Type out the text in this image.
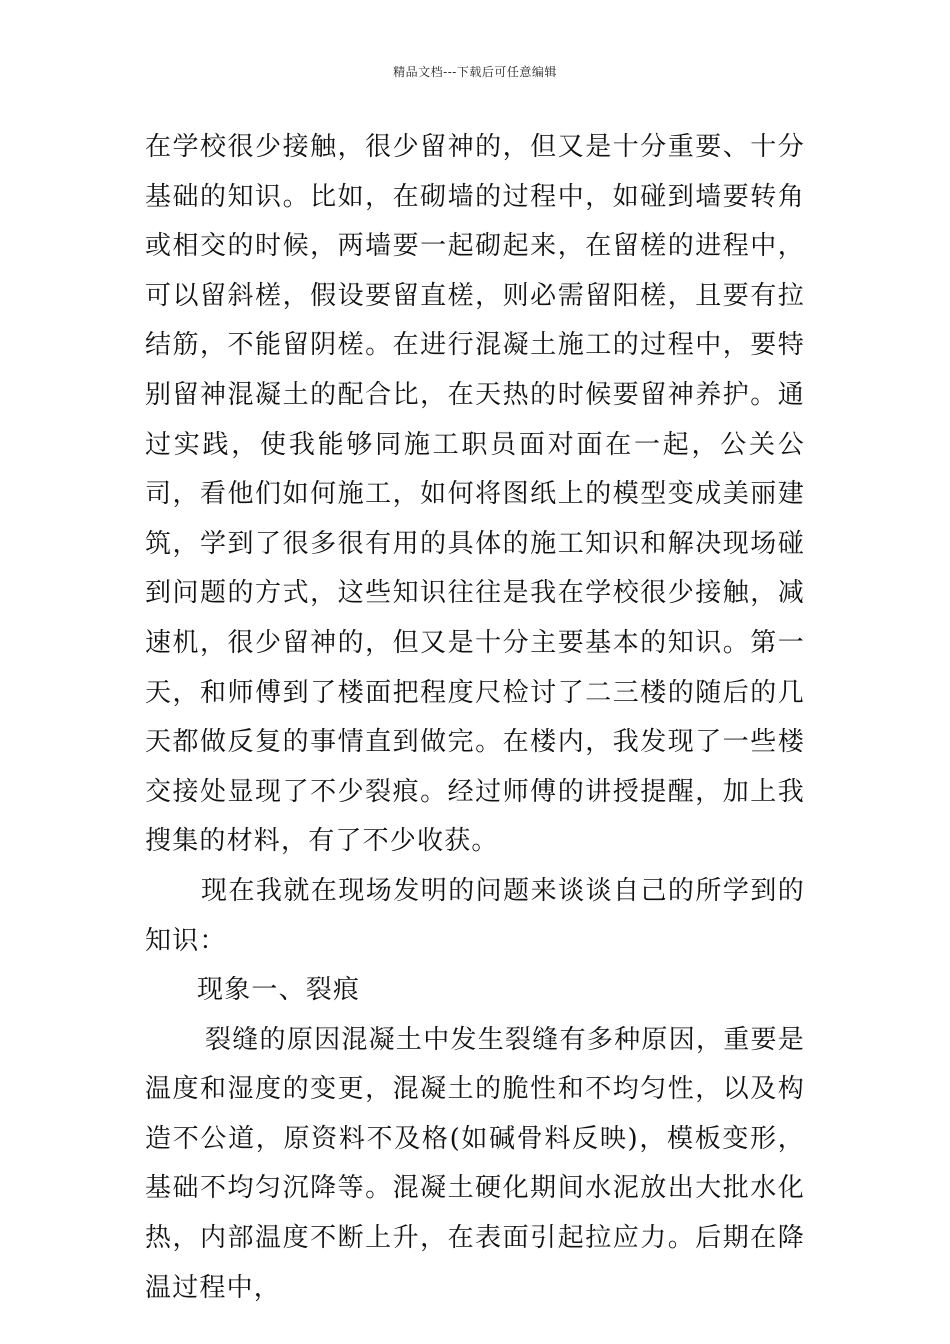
精品文档---下载后可任意编辑

在学校很少接触，很少留神的，但又是十分重要、十分基础的知识。比如，在砌墙的过程中，如碰到墙要转角或相交的时候，两墙要一起砌起来，在留槎的进程中，可以留斜槎，假设要留直槎，则必需留阳槎，且要有拉结筋，不能留阴槎。在进行混凝土施工的过程中，要特别留神混凝土的配合比，在天热的时候要留神养护。通过实践，使我能够同施工职员面对面在一起，公关公司，看他们如何施工，如何将图纸上的模型变成美丽建筑，学到了很多很有用的具体的施工知识和解决现场碰到问题的方式，这些知识往往是我在学校很少接触，减速机，很少留神的，但又是十分主要基本的知识。第一天，和师傅到了楼面把程度尺检讨了二三楼的随后的几天都做反复的事情直到做完。在楼内，我发现了一些楼交接处显现了不少裂痕。经过师傅的讲授提醒，加上我搜集的材料，有了不少收获。

现在我就在现场发明的问题来谈谈自己的所学到的知识：

现象一、裂痕

裂缝的原因混凝土中发生裂缝有多种原因，重要是温度和湿度的变更，混凝土的脆性和不均匀性，以及构造不公道，原资料不及格(如碱骨料反映)，模板变形，基础不均匀沉降等。混凝土硬化期间水泥放出大批水化热，内部温度不断上升，在表面引起拉应力。后期在降温过程中，
